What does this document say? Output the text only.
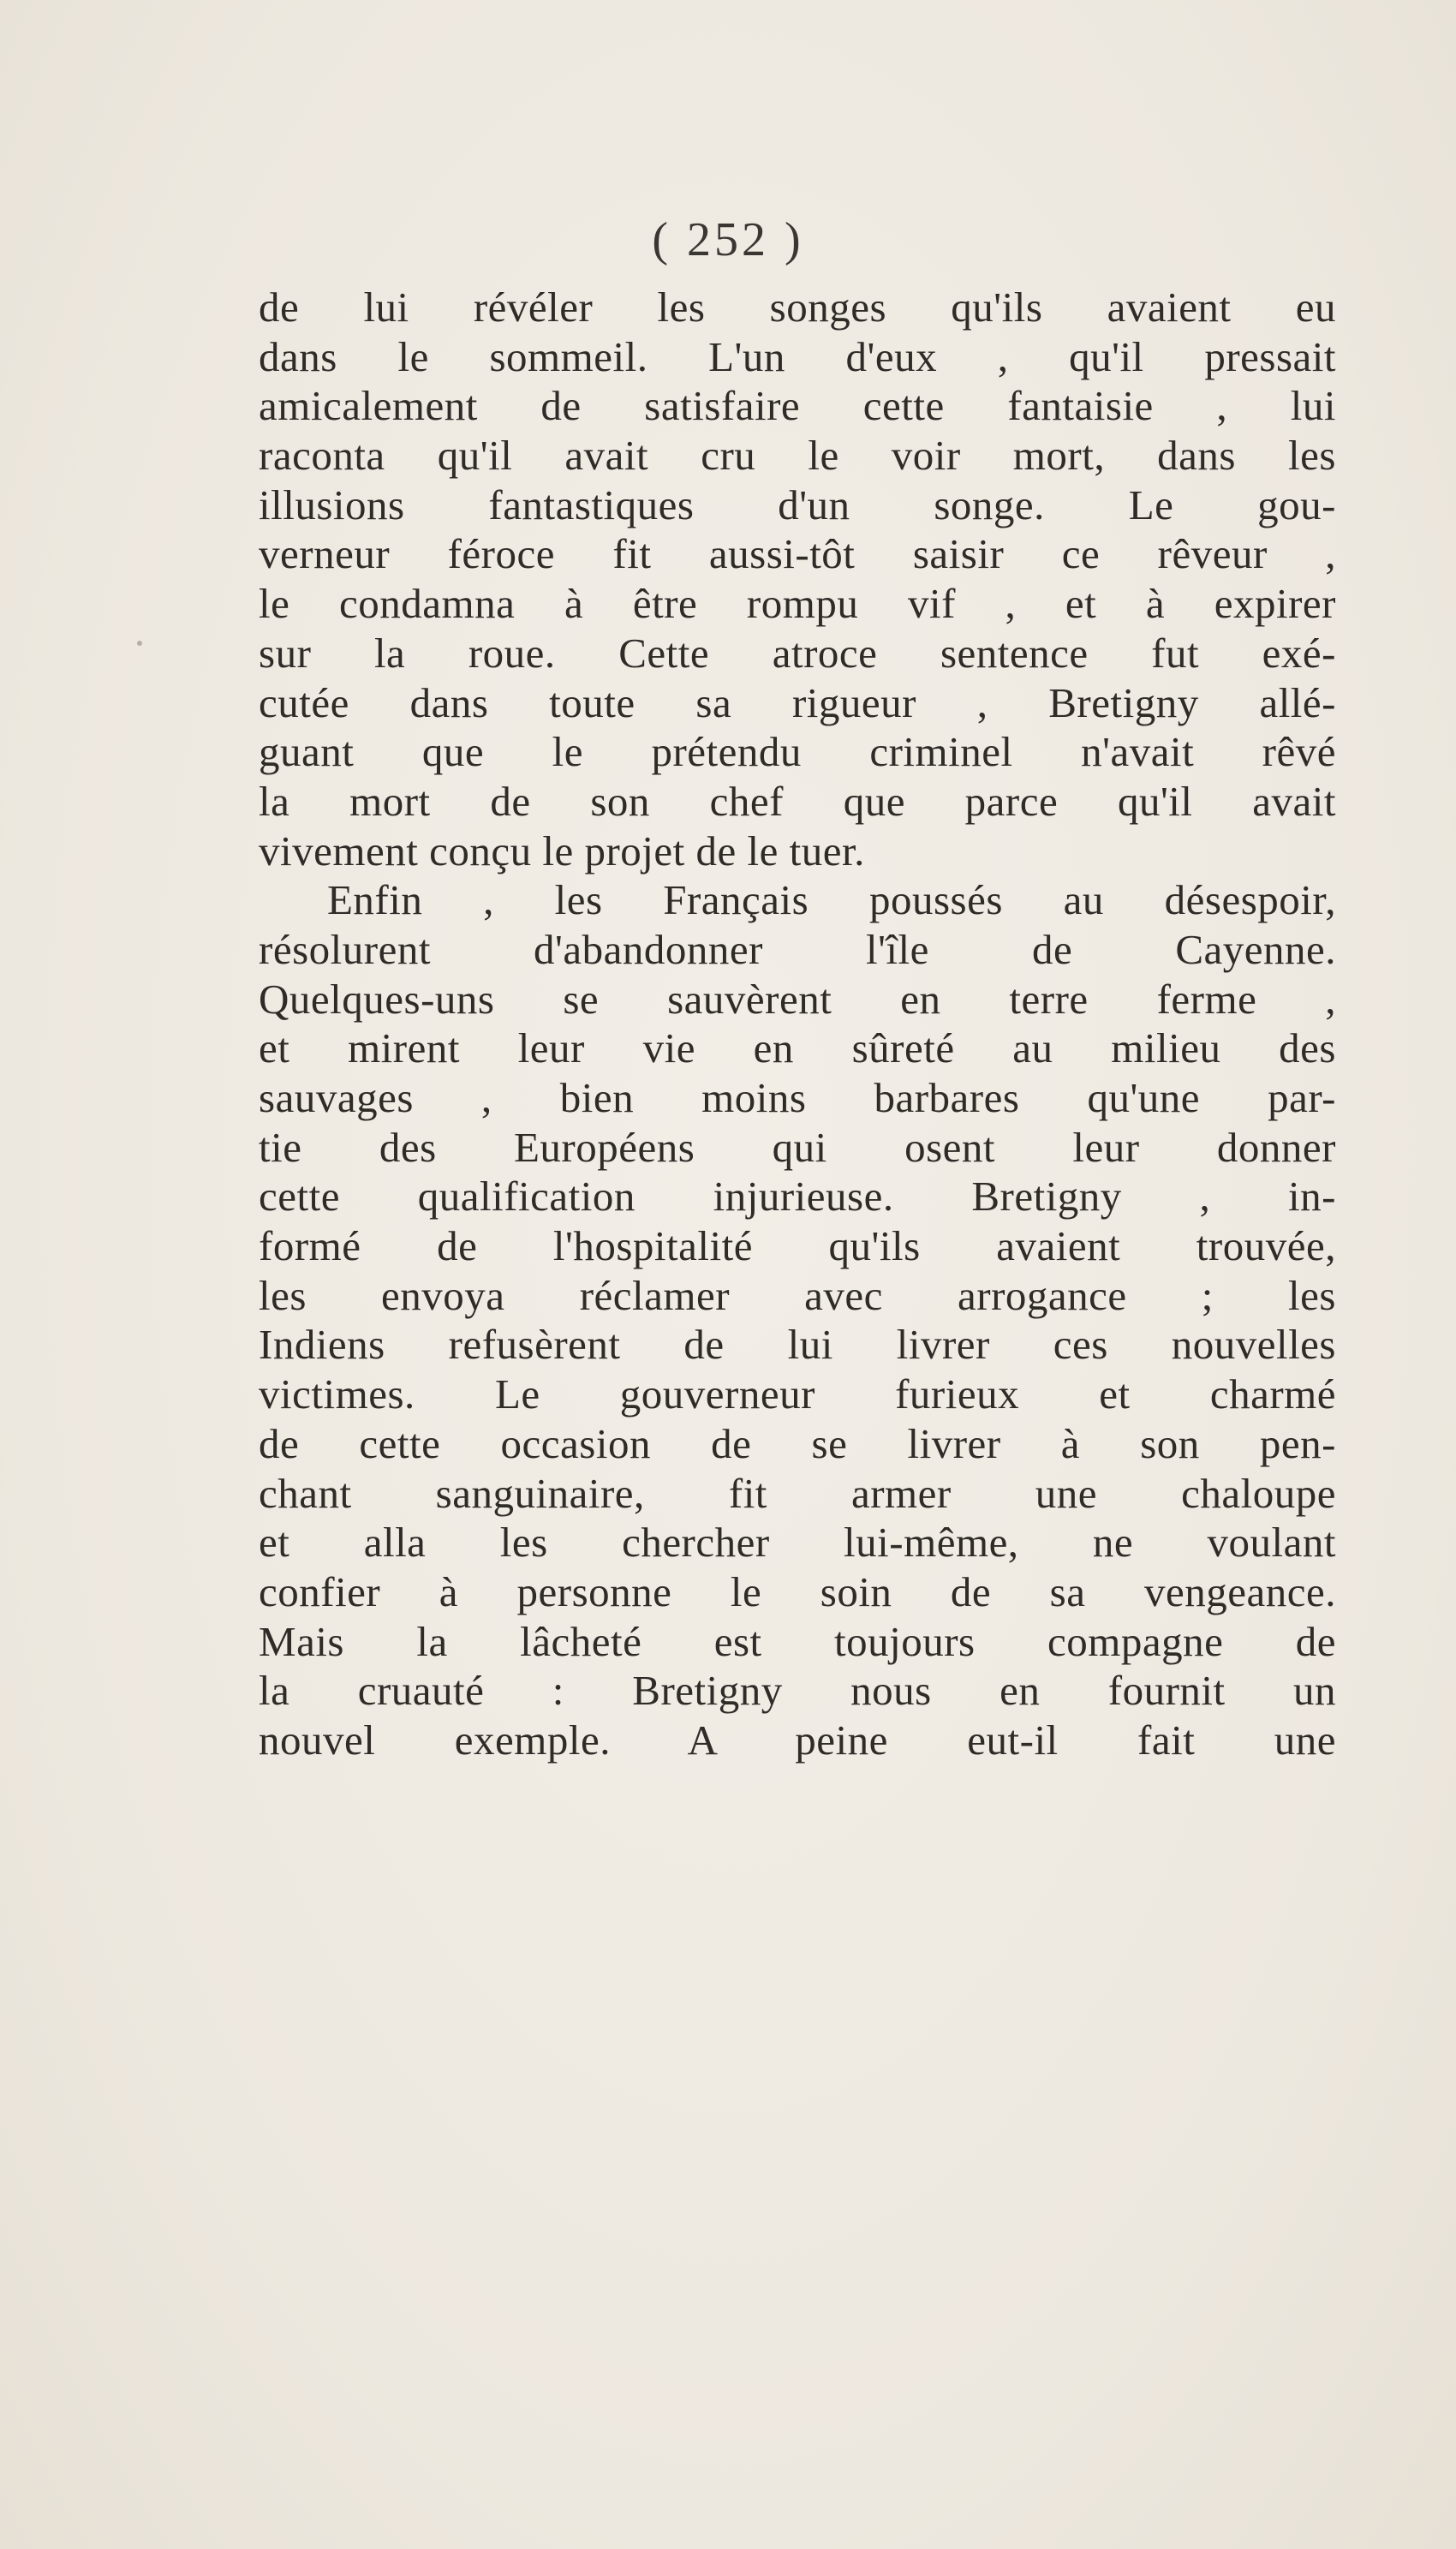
( 252 )
de lui révéler les songes qu'ils avaient eu
dans le sommeil. L'un d'eux , qu'il pressait
amicalement de satisfaire cette fantaisie , lui
raconta qu'il avait cru le voir mort, dans les
illusions fantastiques d'un songe. Le gou-
verneur féroce fit aussi-tôt saisir ce rêveur ,
le condamna à être rompu vif , et à expirer
sur la roue. Cette atroce sentence fut exé-
cutée dans toute sa rigueur , Bretigny allé-
guant que le prétendu criminel n'avait rêvé
la mort de son chef que parce qu'il avait
vivement conçu le projet de le tuer.
Enfin , les Français poussés au désespoir,
résolurent d'abandonner l'île de Cayenne.
Quelques-uns se sauvèrent en terre ferme ,
et mirent leur vie en sûreté au milieu des
sauvages , bien moins barbares qu'une par-
tie des Européens qui osent leur donner
cette qualification injurieuse. Bretigny , in-
formé de l'hospitalité qu'ils avaient trouvée,
les envoya réclamer avec arrogance ; les
Indiens refusèrent de lui livrer ces nouvelles
victimes. Le gouverneur furieux et charmé
de cette occasion de se livrer à son pen-
chant sanguinaire, fit armer une chaloupe
et alla les chercher lui-même, ne voulant
confier à personne le soin de sa vengeance.
Mais la lâcheté est toujours compagne de
la cruauté : Bretigny nous en fournit un
nouvel exemple. A peine eut-il fait une
